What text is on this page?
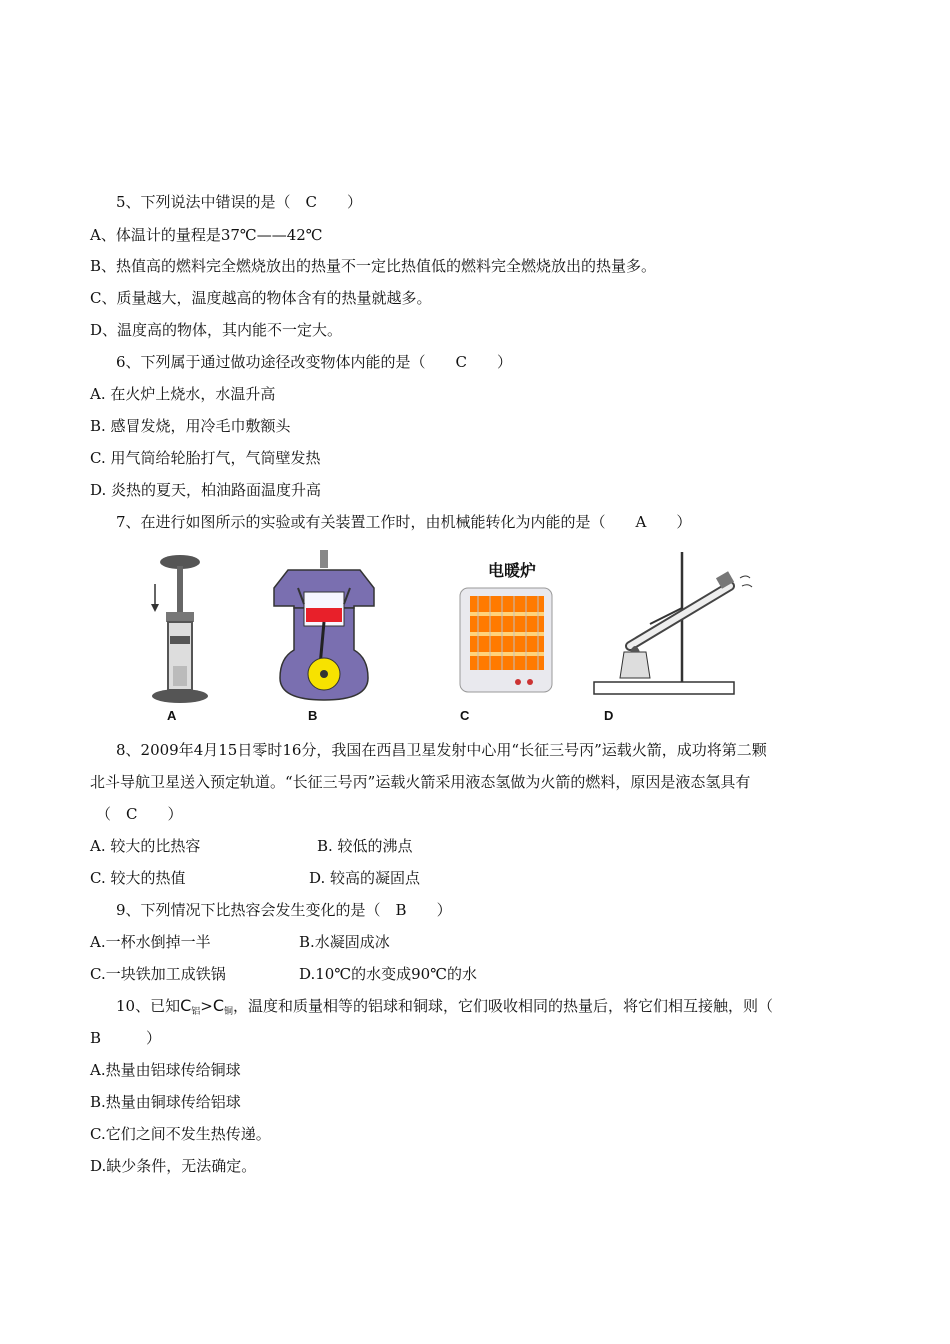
5、下列说法中错误的是（　C　　）
A、体温计的量程是37℃——42℃
B、热值高的燃料完全燃烧放出的热量不一定比热值低的燃料完全燃烧放出的热量多。
C、质量越大，温度越高的物体含有的热量就越多。
D、温度高的物体，其内能不一定大。
6、下列属于通过做功途径改变物体内能的是（　　C　　）
A. 在火炉上烧水，水温升高
B. 感冒发烧，用冷毛巾敷额头
C. 用气筒给轮胎打气，气筒壁发热
D. 炎热的夏天，柏油路面温度升高
7、在进行如图所示的实验或有关装置工作时，由机械能转化为内能的是（　　A　　）
A	B
电暖炉
C	D
8、2009年4月15日零时16分，我国在西昌卫星发射中心用“长征三号丙”运载火箭，成功将第二颗
北斗导航卫星送入预定轨道。“长征三号丙”运载火箭采用液态氢做为火箭的燃料，原因是液态氢具有
（　C　　）
A. 较大的比热容	B. 较低的沸点
C. 较大的热值	D. 较高的凝固点
9、下列情况下比热容会发生变化的是（　B　　）
A.一杯水倒掉一半	B.水凝固成冰
C.一块铁加工成铁锅	D.10℃的水变成90℃的水
10、已知$C_铝>C_铜$，温度和质量相等的铝球和铜球，它们吸收相同的热量后，将它们相互接触，则（
B　　　）
A.热量由铝球传给铜球
B.热量由铜球传给铝球
C.它们之间不发生热传递。
D.缺少条件，无法确定。
